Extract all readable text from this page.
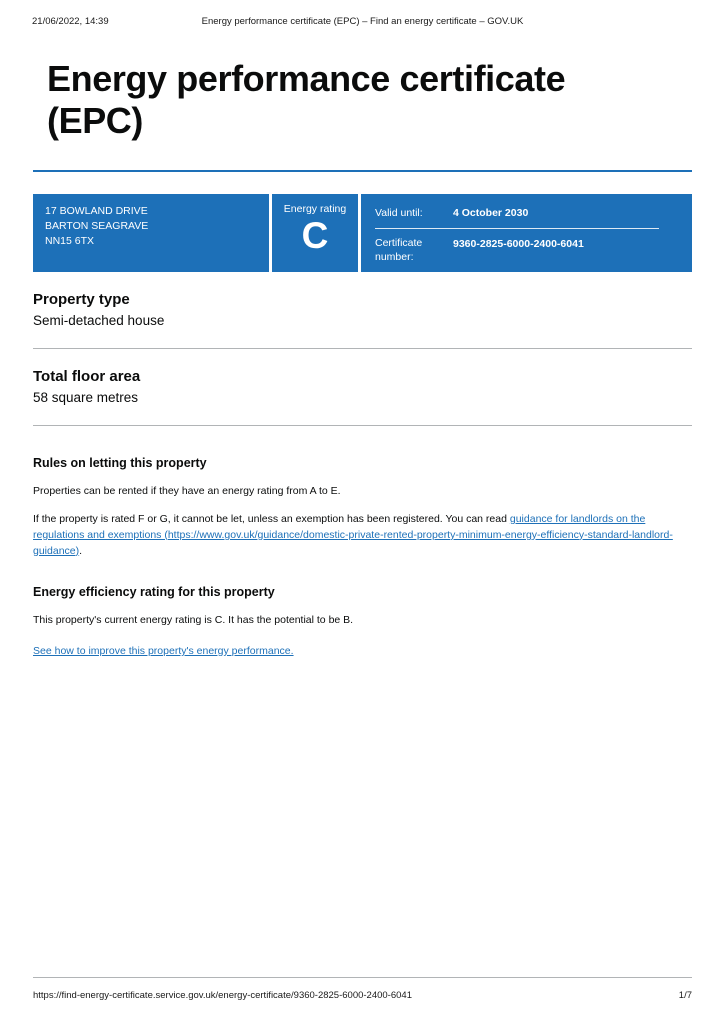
21/06/2022, 14:39	Energy performance certificate (EPC) – Find an energy certificate – GOV.UK
Energy performance certificate (EPC)
17 BOWLAND DRIVE
BARTON SEAGRAVE
NN15 6TX
Energy rating
C
Valid until:	4 October 2030
Certificate number:
9360-2825-6000-2400-6041
Property type

Semi-detached house

Total floor area

58 square metres

Rules on letting this property

Properties can be rented if they have an energy rating from A to E.

If the property is rated F or G, it cannot be let, unless an exemption has been registered. You can read guidance for landlords on the regulations and exemptions (https://www.gov.uk/guidance/domestic-private-rented-property-minimum-energy-efficiency-standard-landlord-guidance).

Energy efficiency rating for this property

This property's current energy rating is C. It has the potential to be B.

See how to improve this property's energy performance.
https://find-energy-certificate.service.gov.uk/energy-certificate/9360-2825-6000-2400-6041	1/7
